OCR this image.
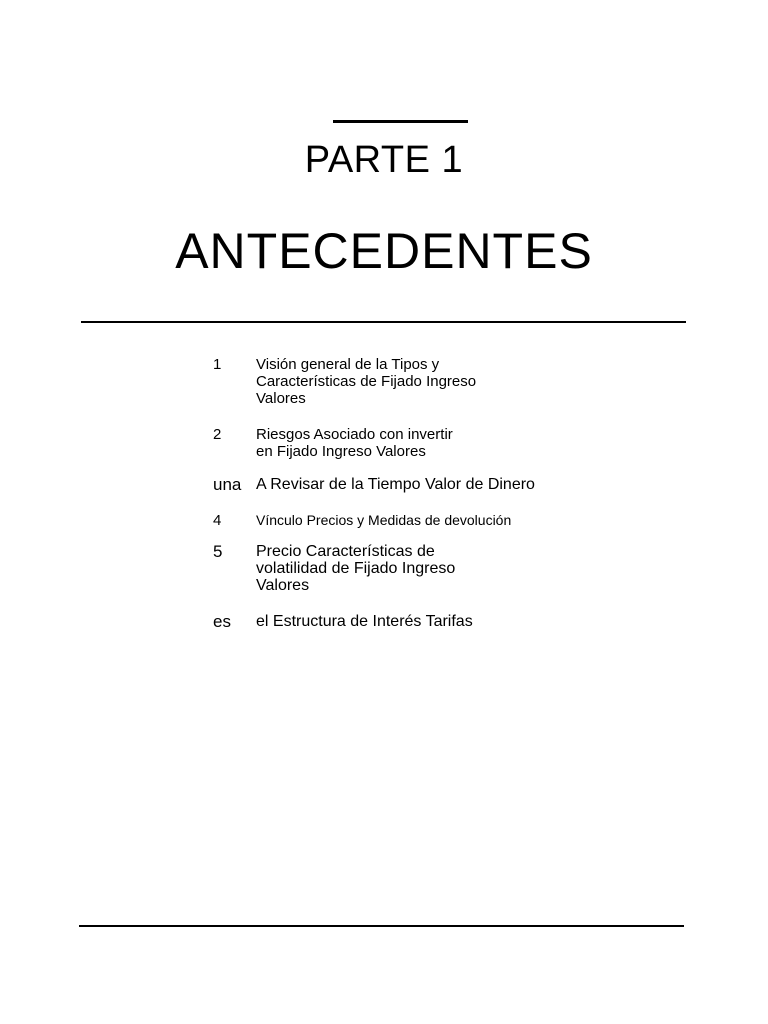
PARTE 1
ANTECEDENTES
1 Visión general de la Tipos y
Características de Fijado Ingreso
Valores
2 Riesgos Asociado con invertir
en Fijado Ingreso Valores
una A Revisar de la Tiempo Valor de Dinero
4 Vínculo Precios y Medidas de devolución
5 Precio Características de
volatilidad de Fijado Ingreso
Valores
es el Estructura de Interés Tarifas
